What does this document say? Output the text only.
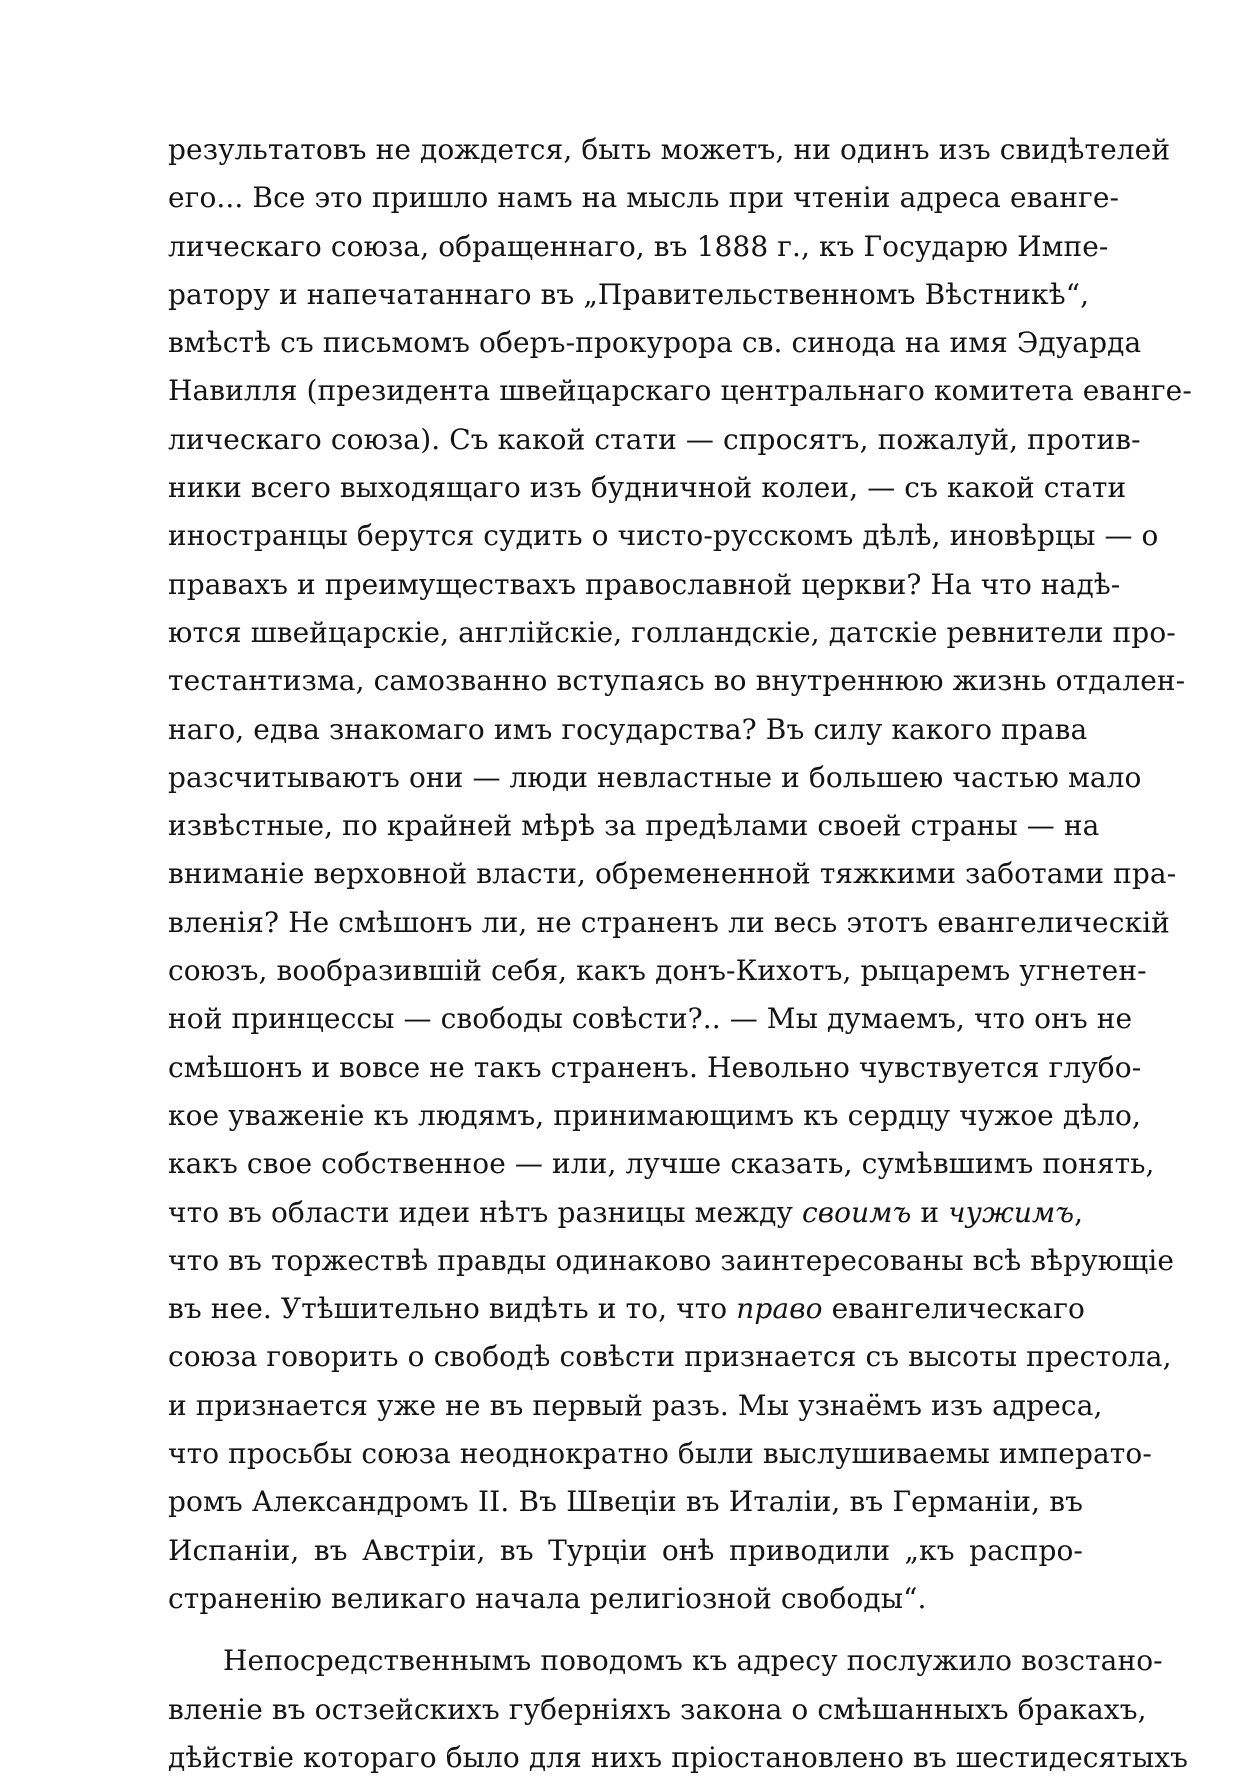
результатовъ не дождется, быть можетъ, ни одинъ изъ свидѣтелей
его... Все это пришло намъ на мысль при чтеніи адреса еванге-
лическаго союза, обращеннаго, въ 1888 г., къ Государю Импе-
ратору и напечатаннаго въ „Правительственномъ Вѣстникѣ“,
вмѣстѣ съ письмомъ оберъ-прокурора св. синода на имя Эдуарда
Навилля (президента швейцарскаго центральнаго комитета еванге-
лическаго союза). Съ какой стати — спросятъ, пожалуй, против-
ники всего выходящаго изъ будничной колеи, — съ какой стати
иностранцы берутся судить о чисто-русскомъ дѣлѣ, иновѣрцы — о
правахъ и преимуществахъ православной церкви? На что надѣ-
ются швейцарскіе, англійскіе, голландскіе, датскіе ревнители про-
тестантизма, самозванно вступаясь во внутреннюю жизнь отдален-
наго, едва знакомаго имъ государства? Въ силу какого права
разсчитываютъ они — люди невластные и большею частью мало
извѣстные, по крайней мѣрѣ за предѣлами своей страны — на
вниманіе верховной власти, обремененной тяжкими заботами пра-
вленія? Не смѣшонъ ли, не страненъ ли весь этотъ евангелическій
союзъ, вообразившій себя, какъ донъ-Кихотъ, рыцаремъ угнетен-
ной принцессы — свободы совѣсти?.. — Мы думаемъ, что онъ не
смѣшонъ и вовсе не такъ страненъ. Невольно чувствуется глубо-
кое уваженіе къ людямъ, принимающимъ къ сердцу чужое дѣло,
какъ свое собственное — или, лучше сказать, сумѣвшимъ понять,
что въ области идеи нѣтъ разницы между своимъ и чужимъ,
что въ торжествѣ правды одинаково заинтересованы всѣ вѣрующіе
въ нее. Утѣшительно видѣть и то, что право евангелическаго
союза говорить о свободѣ совѣсти признается съ высоты престола,
и признается уже не въ первый разъ. Мы узнаёмъ изъ адреса,
что просьбы союза неоднократно были выслушиваемы императо-
ромъ Александромъ II. Въ Швеціи въ Италіи, въ Германіи, въ
Испаніи, въ Австріи, въ Турціи онѣ приводили „къ распро-
страненію великаго начала религіозной свободы“.
Непосредственнымъ поводомъ къ адресу послужило возстано-
вленіе въ остзейскихъ губерніяхъ закона о смѣшанныхъ бракахъ,
дѣйствіе котораго было для нихъ пріостановлено въ шестидесятыхъ
